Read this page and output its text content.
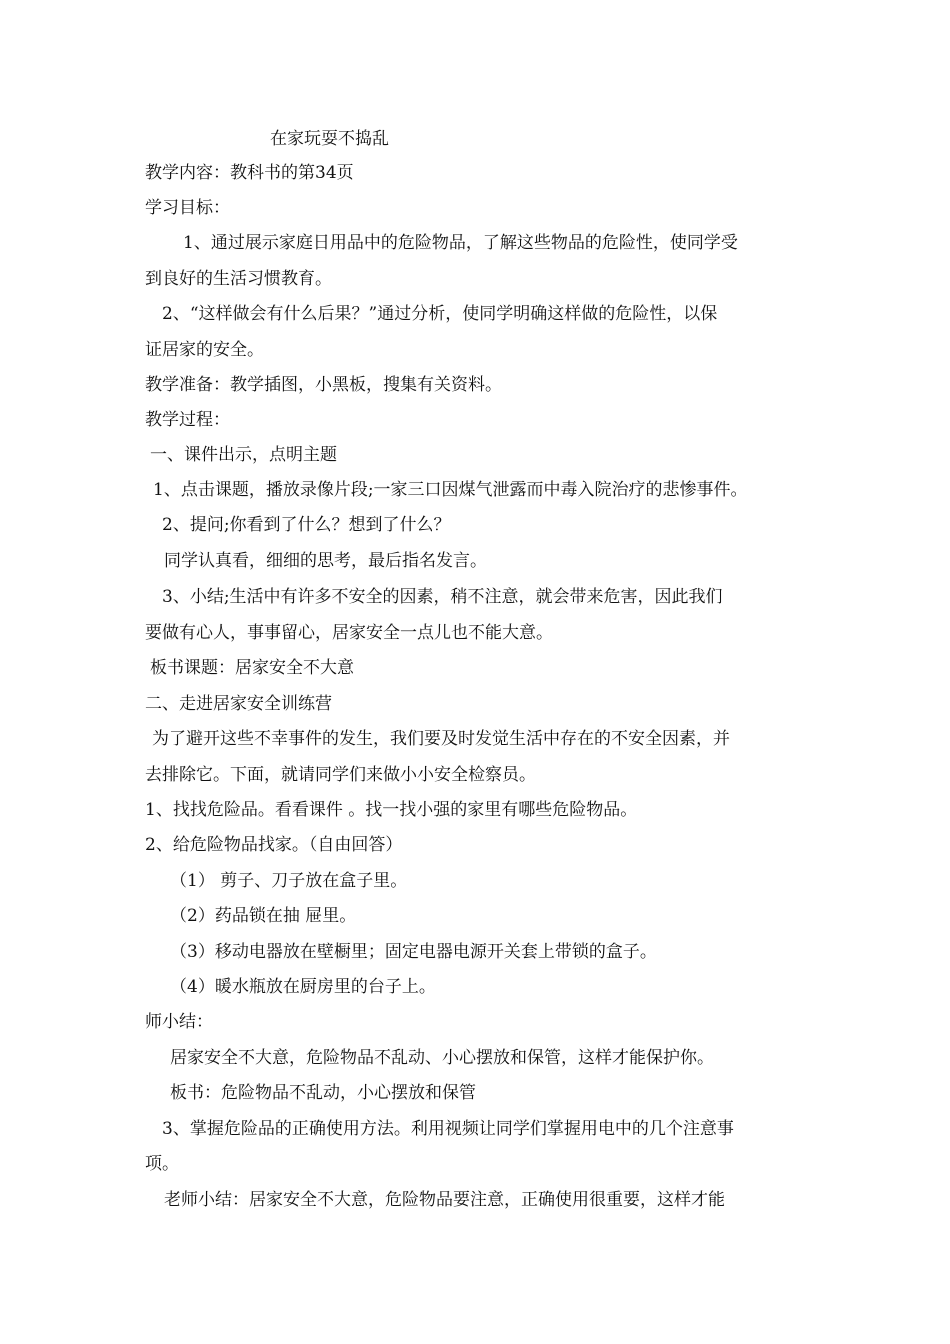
在家玩耍不捣乱
教学内容：教科书的第34页
学习目标：
1、通过展示家庭日用品中的危险物品，了解这些物品的危险性，使同学受
到良好的生活习惯教育。
2、“这样做会有什么后果？”通过分析，使同学明确这样做的危险性，以保
证居家的安全。
教学准备：教学插图，小黑板，搜集有关资料。
教学过程：
一、课件出示，点明主题
1、点击课题，播放录像片段;一家三口因煤气泄露而中毒入院治疗的悲惨事件。
2、提问;你看到了什么？想到了什么？
同学认真看，细细的思考，最后指名发言。
3、小结;生活中有许多不安全的因素，稍不注意，就会带来危害，因此我们
要做有心人，事事留心，居家安全一点儿也不能大意。
板书课题：居家安全不大意
二、走进居家安全训练营
为了避开这些不幸事件的发生，我们要及时发觉生活中存在的不安全因素，并
去排除它。下面，就请同学们来做小小安全检察员。
1、找找危险品。看看课件 。找一找小强的家里有哪些危险物品。
2、给危险物品找家。（自由回答）
（1） 剪子、刀子放在盒子里。
（2）药品锁在抽 屉里。
（3）移动电器放在壁橱里；固定电器电源开关套上带锁的盒子。
（4）暖水瓶放在厨房里的台子上。
师小结：
居家安全不大意，危险物品不乱动、小心摆放和保管，这样才能保护你。
板书：危险物品不乱动，小心摆放和保管
3、掌握危险品的正确使用方法。利用视频让同学们掌握用电中的几个注意事
项。
老师小结：居家安全不大意，危险物品要注意，正确使用很重要，这样才能
